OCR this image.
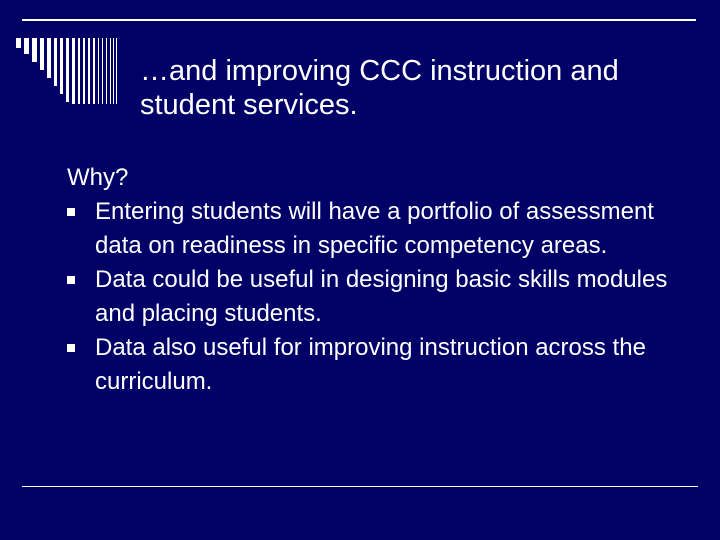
…and improving CCC instruction and student services.

Why?

Entering students will have a portfolio of assessment data on readiness in specific competency areas.
Data could be useful in designing basic skills modules and placing students.
Data also useful for improving instruction across the curriculum.
